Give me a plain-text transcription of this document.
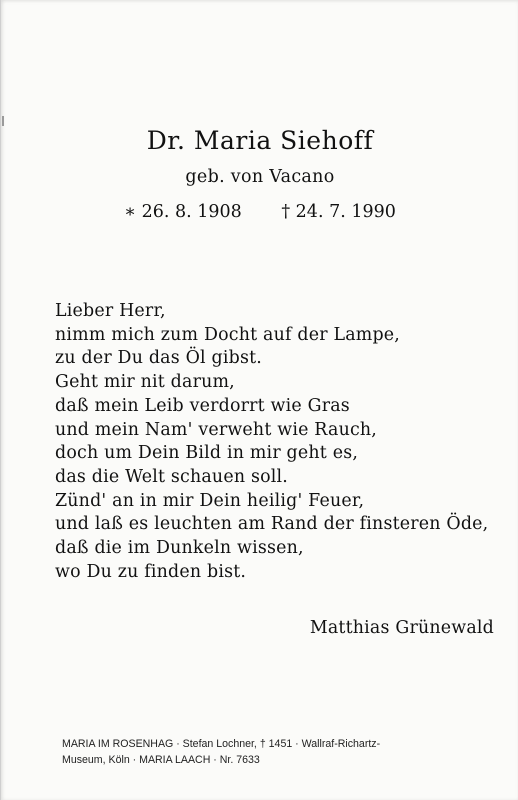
Dr. Maria Siehoff
geb. von Vacano
∗ 26. 8. 1908 † 24. 7. 1990
Lieber Herr,
nimm mich zum Docht auf der Lampe,
zu der Du das Öl gibst.
Geht mir nit darum,
daß mein Leib verdorrt wie Gras
und mein Nam' verweht wie Rauch,
doch um Dein Bild in mir geht es,
das die Welt schauen soll.
Zünd' an in mir Dein heilig' Feuer,
und laß es leuchten am Rand der finsteren Öde,
daß die im Dunkeln wissen,
wo Du zu finden bist.
Matthias Grünewald
MARIA IM ROSENHAG · Stefan Lochner, † 1451 · Wallraf-Richartz-
Museum, Köln · MARIA LAACH · Nr. 7633
